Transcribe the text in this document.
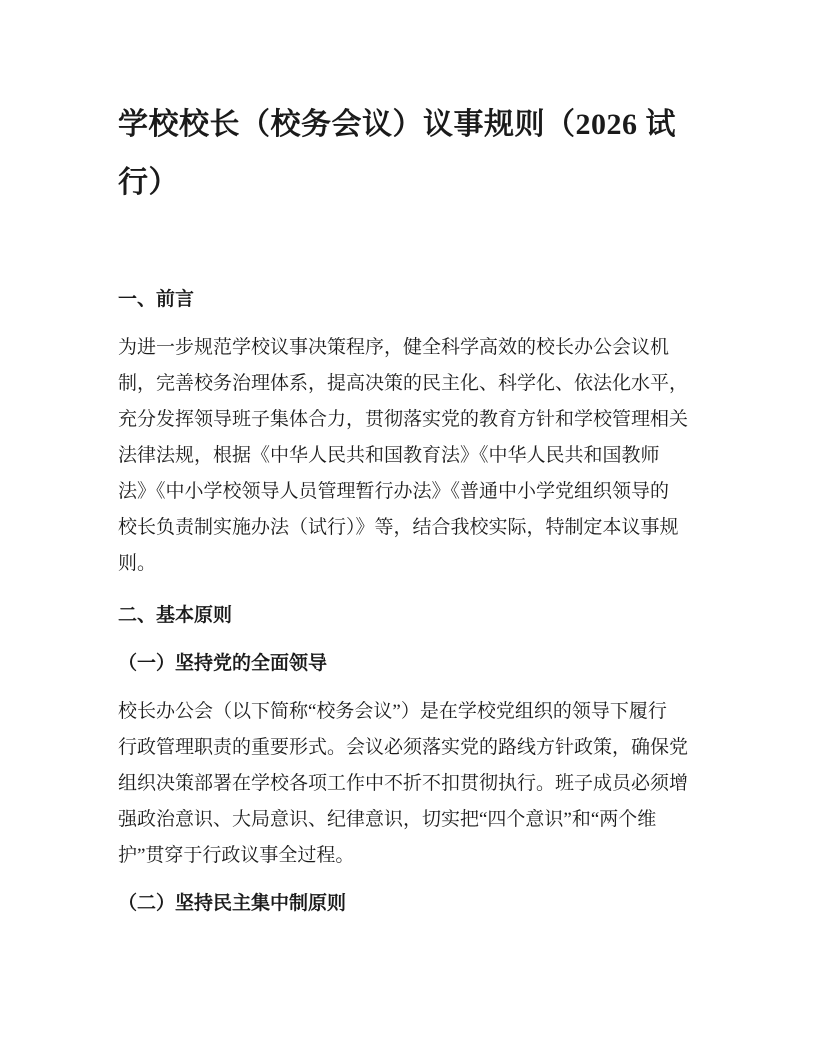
学校校长（校务会议）议事规则（2026 试
行）
一、前言
为进一步规范学校议事决策程序，健全科学高效的校长办公会议机
制，完善校务治理体系，提高决策的民主化、科学化、依法化水平，
充分发挥领导班子集体合力，贯彻落实党的教育方针和学校管理相关
法律法规，根据《中华人民共和国教育法》《中华人民共和国教师
法》《中小学校领导人员管理暂行办法》《普通中小学党组织领导的
校长负责制实施办法（试行）》等，结合我校实际，特制定本议事规
则。
二、基本原则
（一）坚持党的全面领导
校长办公会（以下简称“校务会议”）是在学校党组织的领导下履行
行政管理职责的重要形式。会议必须落实党的路线方针政策，确保党
组织决策部署在学校各项工作中不折不扣贯彻执行。班子成员必须增
强政治意识、大局意识、纪律意识，切实把“四个意识”和“两个维
护”贯穿于行政议事全过程。
（二）坚持民主集中制原则
